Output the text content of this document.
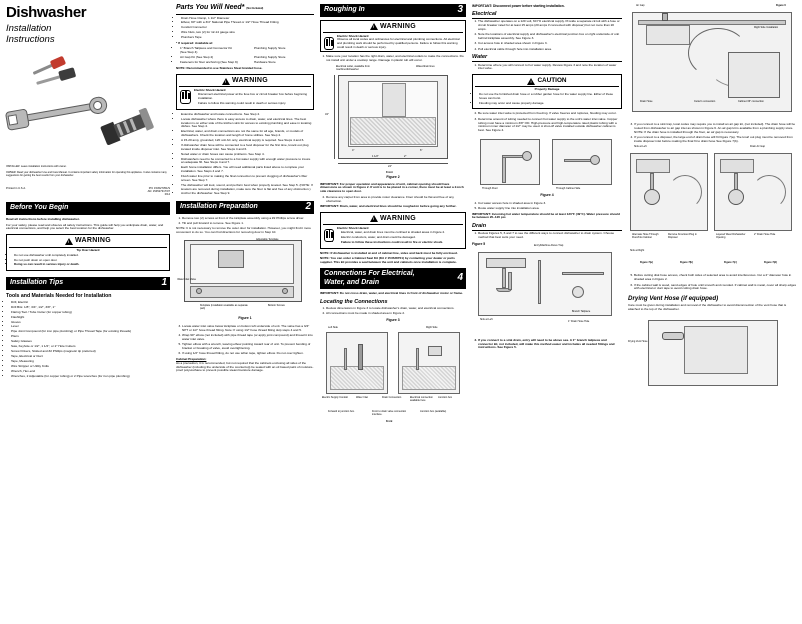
Dishwasher
Installation
Instructions
INSTALLER: Leave installation instructions with owner.
OWNER: Read your dishwasher Use and Care Manual. It contains important safety information for operating this appliance. It also contains many suggestions for getting the best results from your dishwasher.
Printed in U.S.A.	PN: 154527351/S
AN: 154527317/07
0/14
Before You Begin

Read all instructions before installing dishwasher.

For your safety, please read and observe all safety instructions. This guide will help you anticipate drain, water, and electrical connections, and help you select the best location for the dishwasher.

!
WARNING
Tip Over Hazard
• Do not use dishwasher until completely installed.
• Do not push down on open door.
• Doing so can result in serious injury or death.
Installation Tips	1
Tools and Materials Needed for Installation
• Drill, Electric
• Drill Bits: 1/8", 3/4", 1/2", 3/8", 1"
• Flaring Tool / Tube Cutter (for copper tubing)
• Flashlight
• Gloves
• Level
• Pipe Joint Compound (for iron pipe plumbing) or Pipe Thread Tape (for existing threads)
• Pliers
• Safety Glasses
• Saw, Keyhole or 1/2", 1 1/2", or 2" Hole Cutters
• Screw Drivers, Slotted and #2 Phillips (magnetic tip preferred)
• Tape, Electrical or Duct
• Tape, Measuring
• Wire Stripper or Utility Knife
• Wrench, Hex-end
• Wrenches, 2 Adjustable (for copper tubing) or 2 Pipe wrenches (for iron pipe plumbing)
Parts You Will Need* (Not Included)
• Drain Hose Clamp, 1 1/2" Diameter
• Elbow, 90° with a 3/4" National Pipe Thread or 1/2" Hose Thread Fitting
• Conduit Connector
• Wire Nuts, two (2) for 12-14 gauge wire
• Plumbers Tape
* If required: Available at:
• 1" Branch Tailpiece and Connector Kit (See Step 4)
Plumbing Supply Store
• Air Gap Kit (See Step 4)	Plumbing Supply Store
• Fasteners for floor anchoring (See Step 9)	Hardware Store
NOTE: Recommended to use Stainless Steel braided hose.
!
WARNING
Electric Shock Hazard
• Disconnect electrical power at the fuse box or circuit breaker box before beginning installation.
• Failure to follow this warning could result in death or serious injury.
• Examine dishwasher and locate connections. See Step 4.
• Locate dishwasher where there is easy access to drain, water, and electrical lines. The best location is on either side of the kitchen sink for access to existing plumbing and ease in locating dishes. See Step 4.
• Electrical, water, and drain connections are not the same for all age, brands, or models of dishwashers. Check the location and length of home utilities. See Step 4.
• A 15-20 amp, grounded, 120 volt AC only, electrical supply is required. See Steps 4 and 6.
• If dishwasher drain hose will be connected to a food disposer for the first time, knock out plug located inside disposer inlet. See Steps 4 and 6.
• Noted water or drain hoses can cause problems. See Step 4.
• Dishwashers need to be connected to a hot water supply with enough water pressure to insure an adequate fill. See Steps 4 and 7.
• Each home installation differs. You will need additional parts listed above to complete your installation. See Steps 4 and 7.
• Flush water line prior to making the final connection to prevent clogging of dishwasher's filter screen. See Step 7.
• The dishwasher will look, sound, and perform best when properly leveled. See Step 5. (NOTE: If levelers are removed during installation, make sure the floor is flat and free of any obstruction.)
• Anchor the dishwasher. See Step 9.
Installation Preparation	2
1. Remove two (2) screws at front of the kickplate assembly using a #2 Phillips screw driver.
2. Tilt and pull forward to remove. See Figure 1.
NOTE: It is not necessary to remove the outer door for installation. However, you might find it more convenient to do so. You can find directions for removing door in Step 10.
Adjustable Template
Water Inlet Valve
Kickplate (installation available as separate part)
Bottom Screws
Figure 1
3. Locate water inlet valve below kickplate on bottom left underside of unit. The valve has a 3/4" NPT or 1/2" hose thread fitting. Note: If using 1/2" hose thread fitting skip steps 4 and 5.
4. Wrap 90° elbow (not included) with pipe thread tape (or apply joint compound) and thread it into water inlet valve.
5. Tighten elbow with a wrench, leaving elbow pointing toward rear of unit. To prevent bending of bracket or breaking of valve, avoid overtightening.
6. If using 1/2" hose thread fitting, do not use teflon tape, tighten elbow. Do not over tighten.
Cabinet Preparation:
As a precaution, it is recommended, but not required that the cabinets enclosing all sides of the dishwasher (including the underside of the countertop) be sealed with an oil based paint of moisture-proof polyurethane to prevent possible steam/moisture damage.
Roughing In	3
!
WARNING
Electric Shock Hazard
Observe all local codes and ordinances for electrical and plumbing connections. All electrical and plumbing work should be performed by qualified persons. Failure to follow this warning could result in death or serious injury.
1. Make sure your location has the right drain, water, and electrical outlets to make the connections. Do not install unit under a cooktop range. Damage in plastic tub will occur.
24"
34"
4"	6"
1 1/2"	2"
Front
Electrical outlet, available from machine/dishwasher
Water/drain lines
Figure 2

IMPORTANT: For proper operation and appearance of unit, cabinet opening should have dimensions as shown in Figure 2. If unit is to be placed in a corner, there must be at least a 2-inch side clearance to open door.

2. Remove any carpet from area to provide motor clearance. Floor should be flat and free of any obstruction.

IMPORTANT: Drain, water, and electrical lines should be roughed-in before going any further.

!
WARNING
Electric Shock Hazard
• Electrical, water, and drain lines must be confined to shaded areas in Figure 2.
• Electric conductors, water, and drain could be damaged.
• Failure to follow these instructions could result in fire or electric shock.

NOTE: If dishwasher is installed at end of cabinet line, sides and back must be fully enclosed.

NOTE: You can order a Cabinet Seal Kit (Kit # 154528701) by contacting your dealer or parts supplier. This kit provides a seal between the unit and cabinets once installation is complete.

Connections For Electrical, Water, and Drain	4

IMPORTANT: Do not cross drain, water, and electrical lines in front of dishwasher motor or frame.

Locating the Connections
1. Review dimensions in Figure 3 to locate dishwasher's drain, water, and electrical connections.
2. All connections must be made in shaded area in Figure 2.
Figure 3
Left Side	Right Side
Electric Supply Conduit	Water Inlet	Drain Connection	Electrical connection available here
Junction box
Forward to junction box.	Front to drain valve connection interface.
Junction box (available)
Front
IMPORTANT: Disconnect power before starting installation.
Electrical
1. The dishwasher operates on a 120 volt, 60 Hz electrical supply. Provide a separate circuit with a fuse or circuit breaker rated for at least 15 amps (20 amps if connected with disposer) but not more than 20 amps.
2. Note the locations of electrical supply and dishwasher's electrical junction box on right underside of unit behind kickplate assembly. See Figure 3.
3. Cut access hole in shaded area shown in Figure 3.
4. Pull electrical cable through hole into installation area.
Water
1. Determine where you will connect to hot water supply. Review Figure 3 and note the location of water inlet valve.
!
CAUTION
Property Damage
• Do not use the furnished drain hose or a rubber garden hose for the water supply line. Either of these hoses can burst.
• Flooding may occur and cause property damage.
2. Be sure water inlet valve is protected from freezing. If valve freezes and ruptures, flooding may occur.
3. Determine amount of tubing needed to connect hot water supply to the unit's water inlet valve. Copper tubing must have a minimum 3/8" OD. High-pressure and high-temperature rated plastic tubing with a minimum inner diameter of 1/2" may be used. A shut-off valve installed outside dishwasher cabinet is best. See Figure 4.
Through Floor	Through Cabinet Side
Figure 4
4. Cut water access hole in shaded area in Figure 3.
5. Route water supply line into installation area.

IMPORTANT: Incoming hot water temperature should be at least 120°F (49°C). Water pressure should be between 20–120 psi.

Drain
1. Review Figures 5, 6 and 7 to see the different ways to connect dishwasher to drain system. Choose method that best suits your need.
Figure 5	Entry/Machine Above Trap
Sink at Left
Branch Tailpiece
1" Drain Hose Hole
2. If you connect to a sink drain, entry will need to be above sea. A 1" branch tailpiece and connector kit, not included, will make this method easier and includes all needed fittings and instructions. See Figure 5.
Figure 6
Air Gap
Right Side Installation
Drain Hose	Cutter's connection	Cabinet 36" connection
3. If you connect to a sink trap, local codes may require you to install an air gap kit, (not included). The drain hose will be routed from dishwasher to air gap inlet as shown in Figure 6. An air gap kit is available from a plumbing supply store. NOTE: If the drain hose is installed through the floor, an air gap is necessary.
4. If you connect to a disposer, the large end of drain hose will fit Figure 7(a). The knurl out plug must be removed from inside disposer inlet before making the final fit to drain hose See Figure 7(b).
Sink at Left	Drain Air Gap
Alternate Hose Through Floor/Into Cabinet
Remove Knockout Plug in Disposer
Layered Wear Dishwasher Opening
2" Drain Hose Hole
Sink at Right
Figure 7(a)	Figure 7(b)	Figure 7(c)	Figure 7(d)
5. Before cutting disk hose access, check both sides of selected area to avoid interferences. Cut a 2" diameter hole in shaded area in Figure 2.
6. If the cabinet wall is wood, sand edges of hole until smooth and rounded. If cabinet wall is metal, cover all sharp edges with electrical or duct tape to avoid cutting drain hose.
Drying Vent Hose (if equipped)

Care must be given during installation and removal of the dishwasher to avoid disconnection of the vent hose that is attached to the top of the dishwasher.

Drying Vent Hose
